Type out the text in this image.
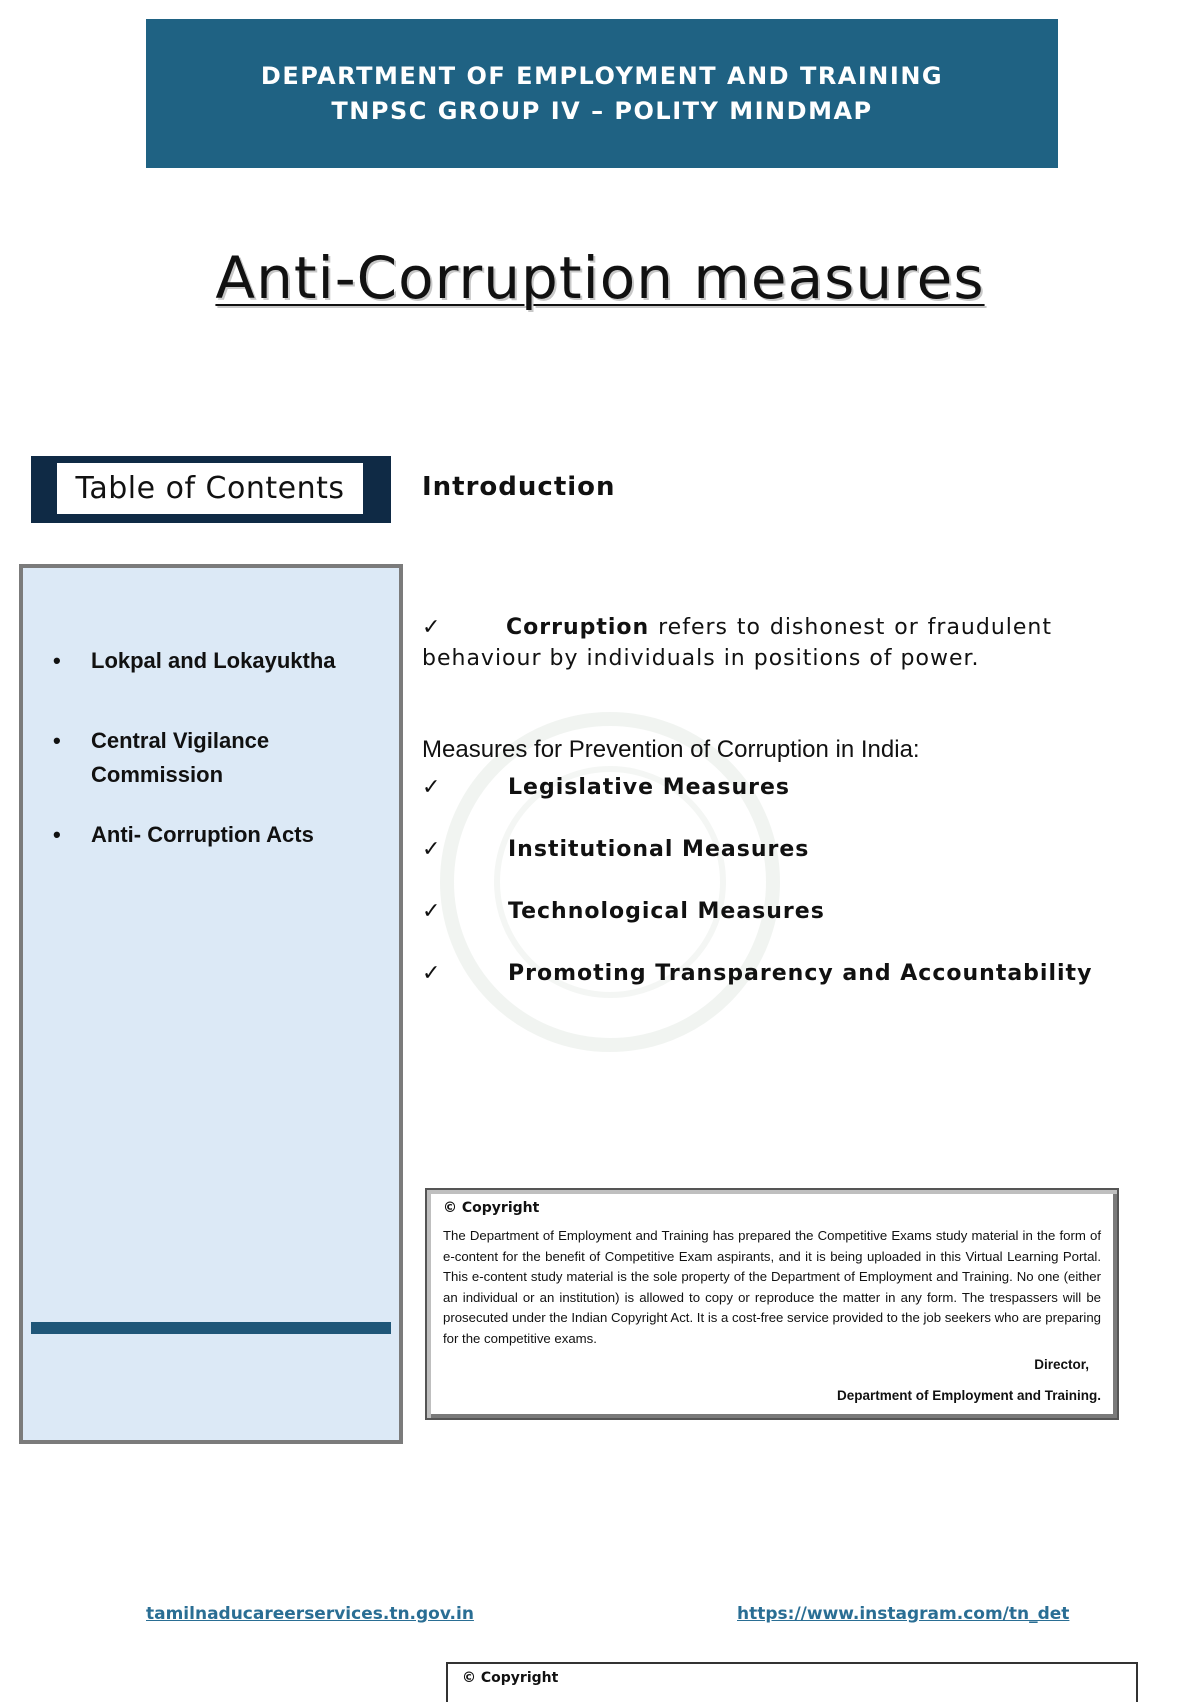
DEPARTMENT OF EMPLOYMENT AND TRAINING
TNPSC GROUP IV – POLITY MINDMAP
Anti-Corruption measures
Table of Contents
• Lokpal and Lokayuktha
• Central Vigilance Commission
• Anti- Corruption Acts
Introduction
✓	Corruption refers to dishonest or fraudulent behaviour by individuals in positions of power.
Measures for Prevention of Corruption in India:
✓	Legislative Measures
✓	Institutional Measures
✓	Technological Measures
✓	Promoting Transparency and Accountability
© Copyright
The Department of Employment and Training has prepared the Competitive Exams study material in the form of e-content for the benefit of Competitive Exam aspirants, and it is being uploaded in this Virtual Learning Portal. This e-content study material is the sole property of the Department of Employment and Training. No one (either an individual or an institution) is allowed to copy or reproduce the matter in any form. The trespassers will be prosecuted under the Indian Copyright Act. It is a cost-free service provided to the job seekers who are preparing for the competitive exams.
Director,
Department of Employment and Training.
tamilnaducareerservices.tn.gov.in	https://www.instagram.com/tn_det
© Copyright
